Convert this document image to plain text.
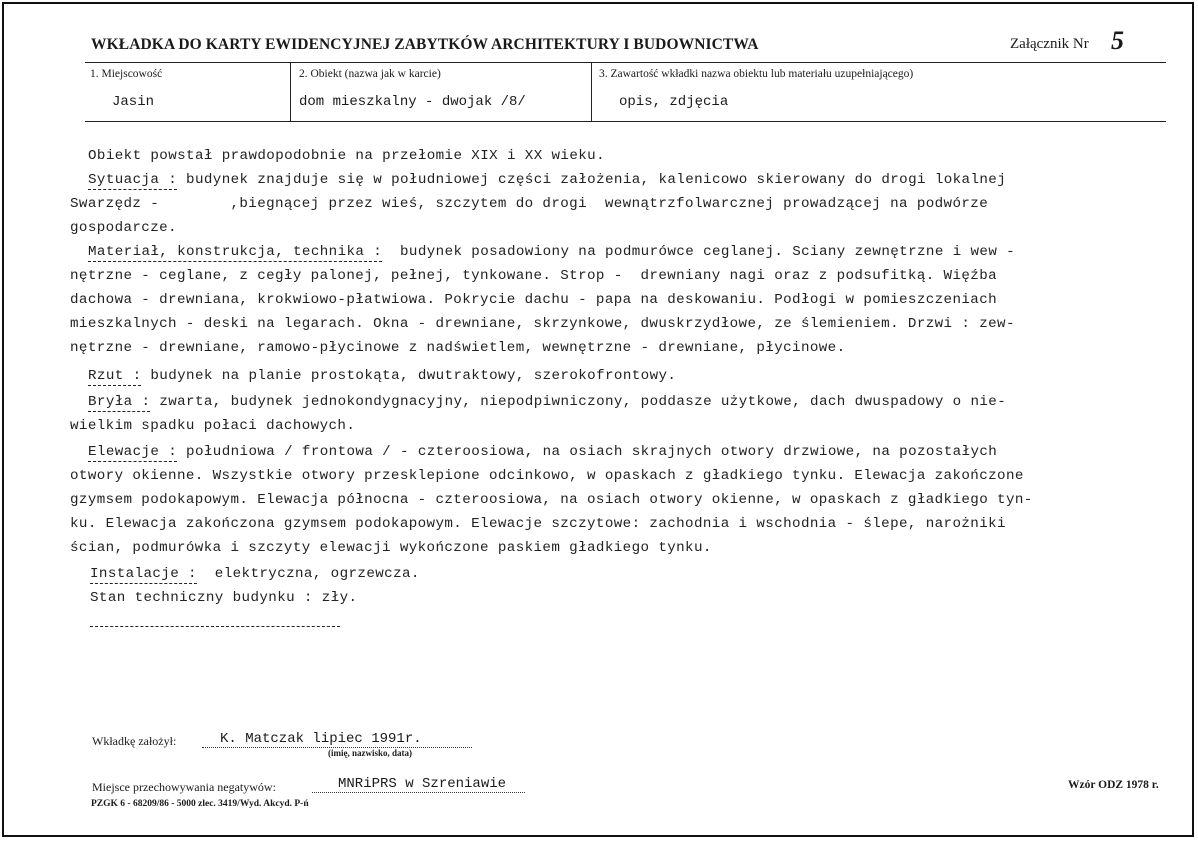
WKŁADKA DO KARTY EWIDENCYJNEJ ZABYTKÓW ARCHITEKTURY I BUDOWNICTWA	Załącznik Nr 5
1. Miejscowość
Jasin
2. Obiekt (nazwa jak w karcie)
dom mieszkalny - dwojak /8/
3. Zawartość wkładki nazwa obiektu lub materiału uzupełniającego)
opis, zdjęcia
Obiekt powstał prawdopodobnie na przełomie XIX i XX wieku.
Sytuacja : budynek znajduje się w południowej części założenia, kalenicowo skierowany do drogi lokalnej
Swarzędz -        ,biegnącej przez wieś, szczytem do drogi  wewnątrzfolwarcznej prowadzącej na podwórze
gospodarcze.
Materiał, konstrukcja, technika :  budynek posadowiony na podmurówce ceglanej. Sciany zewnętrzne i wew -
nętrzne - ceglane, z cegły palonej, pełnej, tynkowane. Strop -  drewniany nagi oraz z podsufitką. Więźba
dachowa - drewniana, krokwiowo-płatwiowa. Pokrycie dachu - papa na deskowaniu. Podłogi w pomieszczeniach
mieszkalnych - deski na legarach. Okna - drewniane, skrzynkowe, dwuskrzydłowe, ze ślemieniem. Drzwi : zew-
nętrzne - drewniane, ramowo-płycinowe z nadświetlem, wewnętrzne - drewniane, płycinowe.
Rzut : budynek na planie prostokąta, dwutraktowy, szerokofrontowy.
Bryła : zwarta, budynek jednokondygnacyjny, niepodpiwniczony, poddasze użytkowe, dach dwuspadowy o nie-
wielkim spadku połaci dachowych.
Elewacje : południowa / frontowa / - czteroosiowa, na osiach skrajnych otwory drzwiowe, na pozostałych
otwory okienne. Wszystkie otwory przesklepione odcinkowo, w opaskach z gładkiego tynku. Elewacja zakończone
gzymsem podokapowym. Elewacja północna - czteroosiowa, na osiach otwory okienne, w opaskach z gładkiego tyn-
ku. Elewacja zakończona gzymsem podokapowym. Elewacje szczytowe: zachodnia i wschodnia - ślepe, narożniki
ścian, podmurówka i szczyty elewacji wykończone paskiem gładkiego tynku.
Instalacje :  elektryczna, ogrzewcza.
Stan techniczny budynku : zły.
Wkładkę założył:	K. Matczak lipiec 1991r.
(imię, nazwisko, data)
Miejsce przechowywania negatywów:	MNRiPRS w Szreniawie
PZGK 6 - 68209/86 - 5000 zlec. 3419/Wyd. Akcyd. P-ń
Wzór ODZ 1978 r.
